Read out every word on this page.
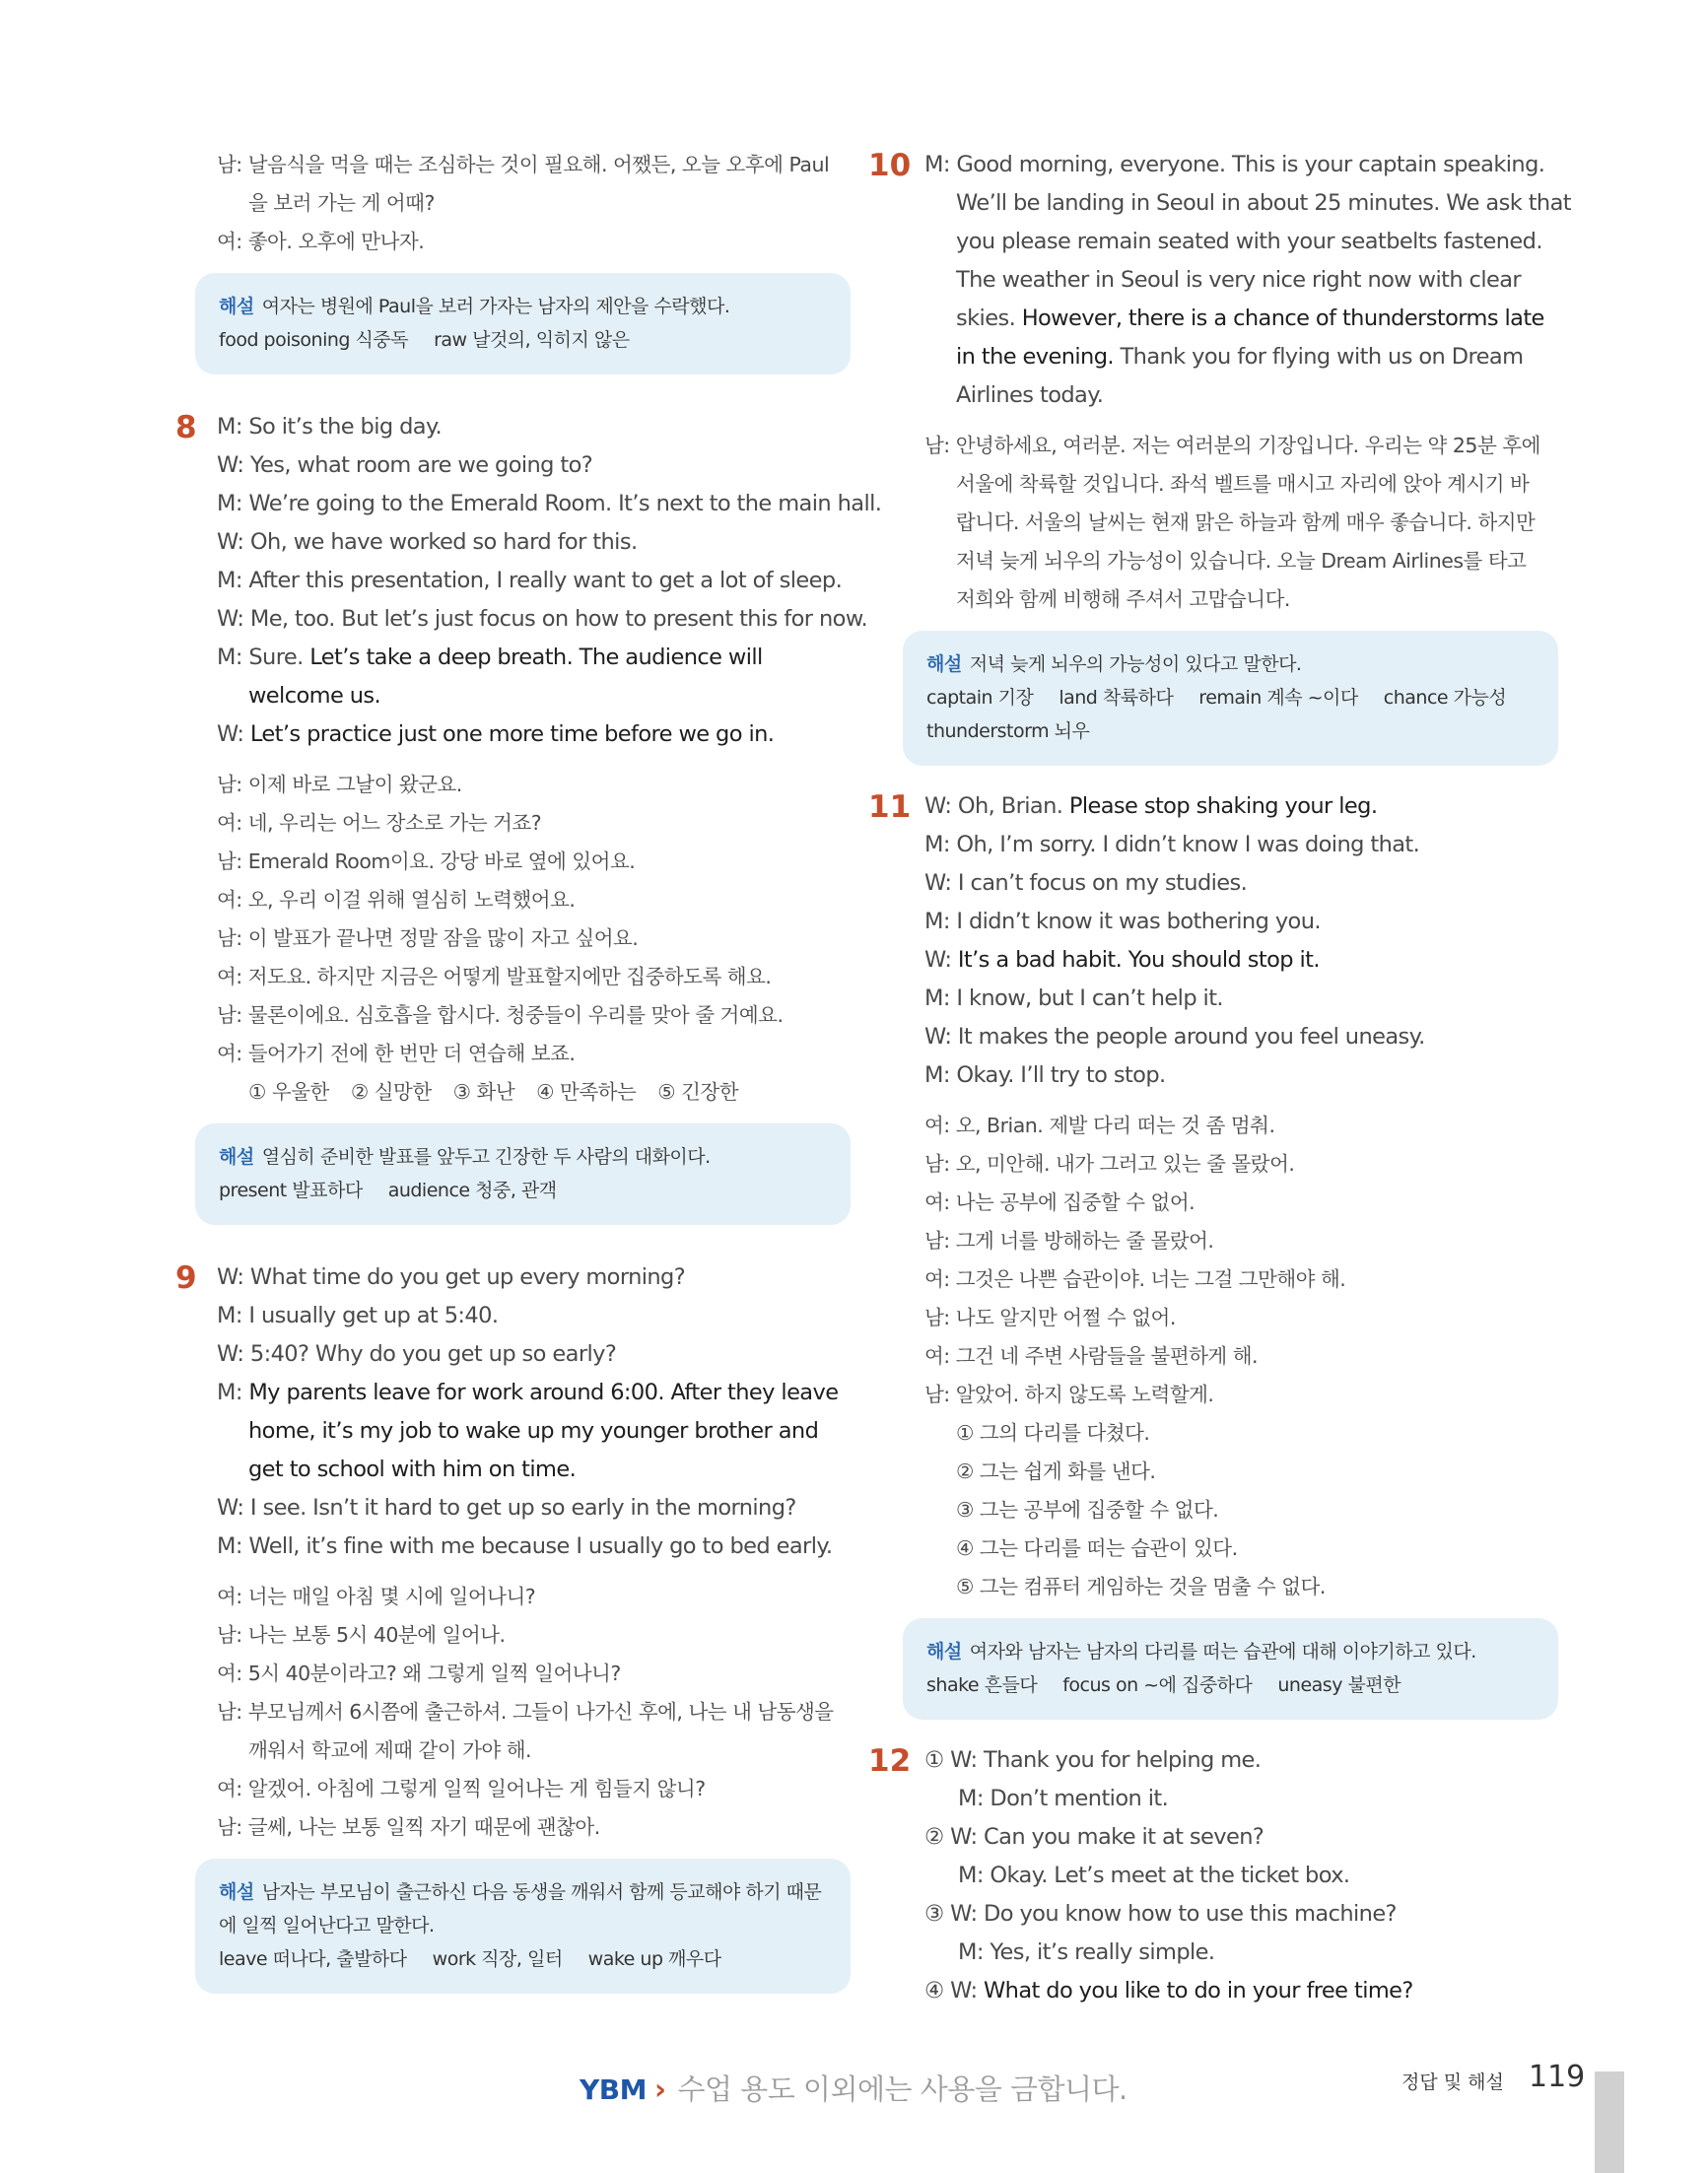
남: 날음식을 먹을 때는 조심하는 것이 필요해. 어쨌든, 오늘 오후에 Paul
을 보러 가는 게 어때?
여: 좋아. 오후에 만나자.
해설 여자는 병원에 Paul을 보러 가자는 남자의 제안을 수락했다.
food poisoning 식중독 raw 날것의, 익히지 않은
8 M: So it’s the big day.
W: Yes, what room are we going to?
M: We’re going to the Emerald Room. It’s next to the main hall.
W: Oh, we have worked so hard for this.
M: After this presentation, I really want to get a lot of sleep.
W: Me, too. But let’s just focus on how to present this for now.
M: Sure. Let’s take a deep breath. The audience will
welcome us.
W: Let’s practice just one more time before we go in.
남: 이제 바로 그날이 왔군요.
여: 네, 우리는 어느 장소로 가는 거죠?
남: Emerald Room이요. 강당 바로 옆에 있어요.
여: 오, 우리 이걸 위해 열심히 노력했어요.
남: 이 발표가 끝나면 정말 잠을 많이 자고 싶어요.
여: 저도요. 하지만 지금은 어떻게 발표할지에만 집중하도록 해요.
남: 물론이에요. 심호흡을 합시다. 청중들이 우리를 맞아 줄 거예요.
여: 들어가기 전에 한 번만 더 연습해 보죠.
① 우울한 ② 실망한 ③ 화난 ④ 만족하는 ⑤ 긴장한
해설 열심히 준비한 발표를 앞두고 긴장한 두 사람의 대화이다.
present 발표하다 audience 청중, 관객
9 W: What time do you get up every morning?
M: I usually get up at 5:40.
W: 5:40? Why do you get up so early?
M: My parents leave for work around 6:00. After they leave
home, it’s my job to wake up my younger brother and
get to school with him on time.
W: I see. Isn’t it hard to get up so early in the morning?
M: Well, it’s fine with me because I usually go to bed early.
여: 너는 매일 아침 몇 시에 일어나니?
남: 나는 보통 5시 40분에 일어나.
여: 5시 40분이라고? 왜 그렇게 일찍 일어나니?
남: 부모님께서 6시쯤에 출근하셔. 그들이 나가신 후에, 나는 내 남동생을
깨워서 학교에 제때 같이 가야 해.
여: 알겠어. 아침에 그렇게 일찍 일어나는 게 힘들지 않니?
남: 글쎄, 나는 보통 일찍 자기 때문에 괜찮아.
해설 남자는 부모님이 출근하신 다음 동생을 깨워서 함께 등교해야 하기 때문
에 일찍 일어난다고 말한다.
leave 떠나다, 출발하다 work 직장, 일터 wake up 깨우다
10 M: Good morning, everyone. This is your captain speaking.
We’ll be landing in Seoul in about 25 minutes. We ask that
you please remain seated with your seatbelts fastened.
The weather in Seoul is very nice right now with clear
skies. However, there is a chance of thunderstorms late
in the evening. Thank you for flying with us on Dream
Airlines today.
남: 안녕하세요, 여러분. 저는 여러분의 기장입니다. 우리는 약 25분 후에
서울에 착륙할 것입니다. 좌석 벨트를 매시고 자리에 앉아 계시기 바
랍니다. 서울의 날씨는 현재 맑은 하늘과 함께 매우 좋습니다. 하지만
저녁 늦게 뇌우의 가능성이 있습니다. 오늘 Dream Airlines를 타고
저희와 함께 비행해 주셔서 고맙습니다.
해설 저녁 늦게 뇌우의 가능성이 있다고 말한다.
captain 기장 land 착륙하다 remain 계속 ~이다 chance 가능성
thunderstorm 뇌우
11 W: Oh, Brian. Please stop shaking your leg.
M: Oh, I’m sorry. I didn’t know I was doing that.
W: I can’t focus on my studies.
M: I didn’t know it was bothering you.
W: It’s a bad habit. You should stop it.
M: I know, but I can’t help it.
W: It makes the people around you feel uneasy.
M: Okay. I’ll try to stop.
여: 오, Brian. 제발 다리 떠는 것 좀 멈춰.
남: 오, 미안해. 내가 그러고 있는 줄 몰랐어.
여: 나는 공부에 집중할 수 없어.
남: 그게 너를 방해하는 줄 몰랐어.
여: 그것은 나쁜 습관이야. 너는 그걸 그만해야 해.
남: 나도 알지만 어쩔 수 없어.
여: 그건 네 주변 사람들을 불편하게 해.
남: 알았어. 하지 않도록 노력할게.
① 그의 다리를 다쳤다.
② 그는 쉽게 화를 낸다.
③ 그는 공부에 집중할 수 없다.
④ 그는 다리를 떠는 습관이 있다.
⑤ 그는 컴퓨터 게임하는 것을 멈출 수 없다.
해설 여자와 남자는 남자의 다리를 떠는 습관에 대해 이야기하고 있다.
shake 흔들다 focus on ~에 집중하다 uneasy 불편한
12 ① W: Thank you for helping me.
M: Don’t mention it.
② W: Can you make it at seven?
M: Okay. Let’s meet at the ticket box.
③ W: Do you know how to use this machine?
M: Yes, it’s really simple.
④ W: What do you like to do in your free time?
YBM › 수업 용도 이외에는 사용을 금합니다.	정답 및 해설 119
